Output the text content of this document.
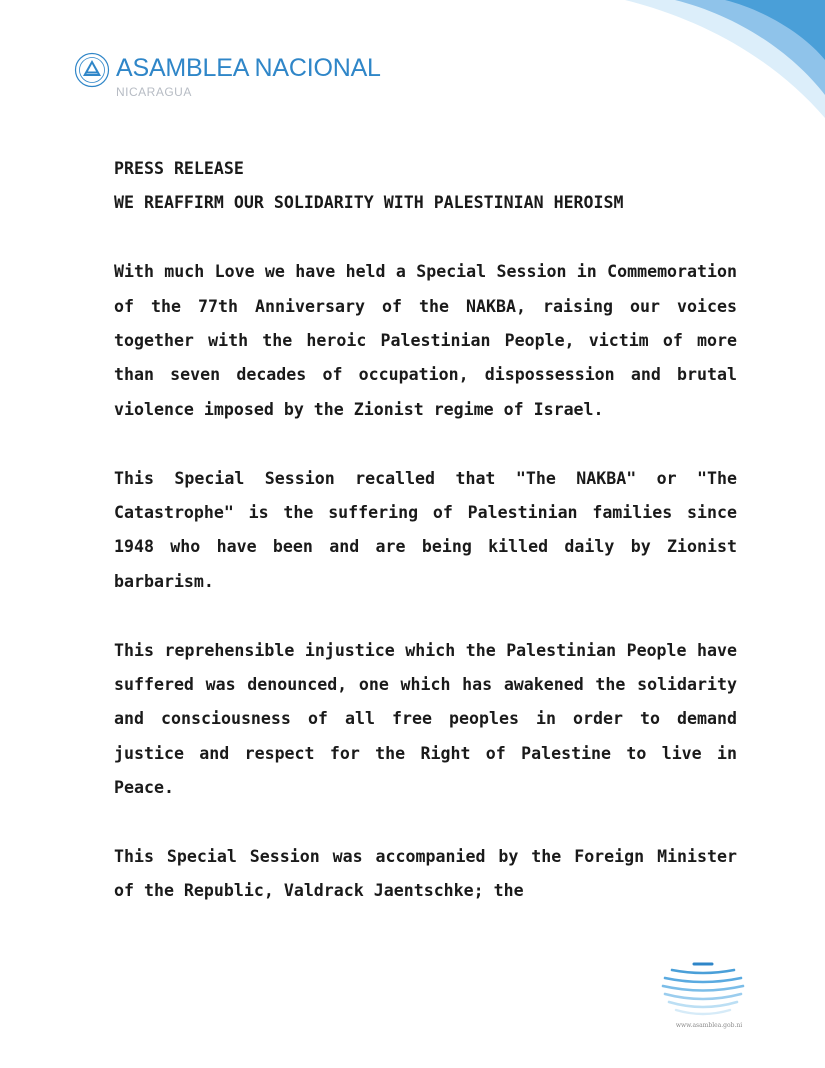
ASAMBLEA NACIONAL
NICARAGUA

PRESS RELEASE

WE REAFFIRM OUR SOLIDARITY WITH PALESTINIAN HEROISM

With much Love we have held a Special Session in Commemoration of the 77th Anniversary of the NAKBA, raising our voices together with the heroic Palestinian People, victim of more than seven decades of occupation, dispossession and brutal violence imposed by the Zionist regime of Israel.

This Special Session recalled that "The NAKBA" or "The Catastrophe" is the suffering of Palestinian families since 1948 who have been and are being killed daily by Zionist barbarism.

This reprehensible injustice which the Palestinian People have suffered was denounced, one which has awakened the solidarity and consciousness of all free peoples in order to demand justice and respect for the Right of Palestine to live in Peace.

This Special Session was accompanied by the Foreign Minister of the Republic, Valdrack Jaentschke; the

www.asamblea.gob.ni
